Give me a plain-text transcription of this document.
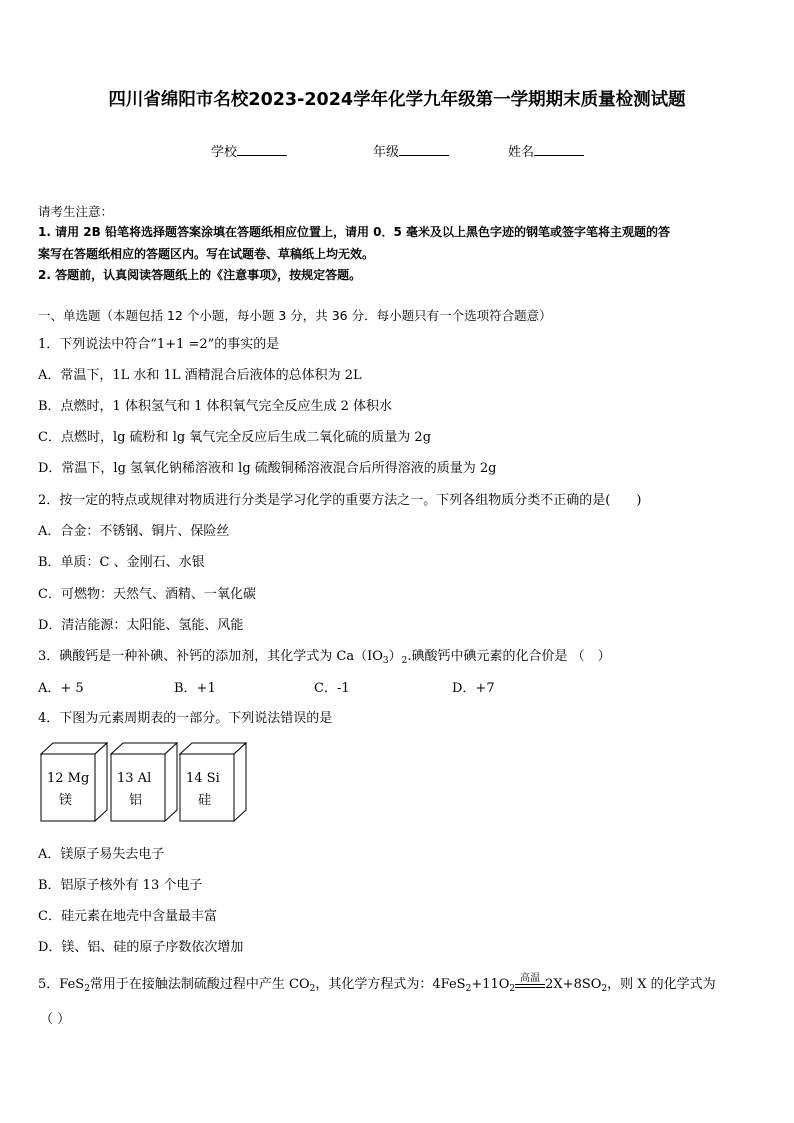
四川省绵阳市名校2023-2024学年化学九年级第一学期期末质量检测试题
学校	年级	姓名
请考生注意：
1. 请用 2B 铅笔将选择题答案涂填在答题纸相应位置上，请用 0．5 毫米及以上黑色字迹的钢笔或签字笔将主观题的答
案写在答题纸相应的答题区内。写在试题卷、草稿纸上均无效。
2. 答题前，认真阅读答题纸上的《注意事项》，按规定答题。
一、单选题（本题包括 12 个小题，每小题 3 分，共 36 分．每小题只有一个选项符合题意）
1．下列说法中符合“1+1 =2”的事实的是
A．常温下，1L 水和 1L 酒精混合后液体的总体积为 2L
B．点燃时，1 体积氢气和 1 体积氧气完全反应生成 2 体积水
C．点燃时，lg 硫粉和 lg 氧气完全反应后生成二氧化硫的质量为 2g
D．常温下，lg 氢氧化钠稀溶液和 lg 硫酸铜稀溶液混合后所得溶液的质量为 2g
2．按一定的特点或规律对物质进行分类是学习化学的重要方法之一。下列各组物质分类不正确的是(　　)
A．合金：不锈钢、铜片、保险丝
B．单质：C 、金刚石、水银
C．可燃物：天然气、酒精、一氧化碳
D．清洁能源：太阳能、氢能、风能
3．碘酸钙是一种补碘、补钙的添加剂，其化学式为 $Ca(IO_3)_2$.碘酸钙中碘元素的化合价是 （　）
A．+ 5	B．+1	C．-1	D．+7
4．下图为元素周期表的一部分。下列说法错误的是
12 Mg
镁
13 Al
铝
14 Si
硅
A．镁原子易失去电子
B．铝原子核外有 13 个电子
C．硅元素在地壳中含量最丰富
D．镁、铝、硅的原子序数依次增加
5．FeS$_2$常用于在接触法制硫酸过程中产生 $CO_2$，其化学方程式为：$4FeS_2+11O_2$
高温 $2X+8SO_2$，则 X 的化学式为
（ ）
